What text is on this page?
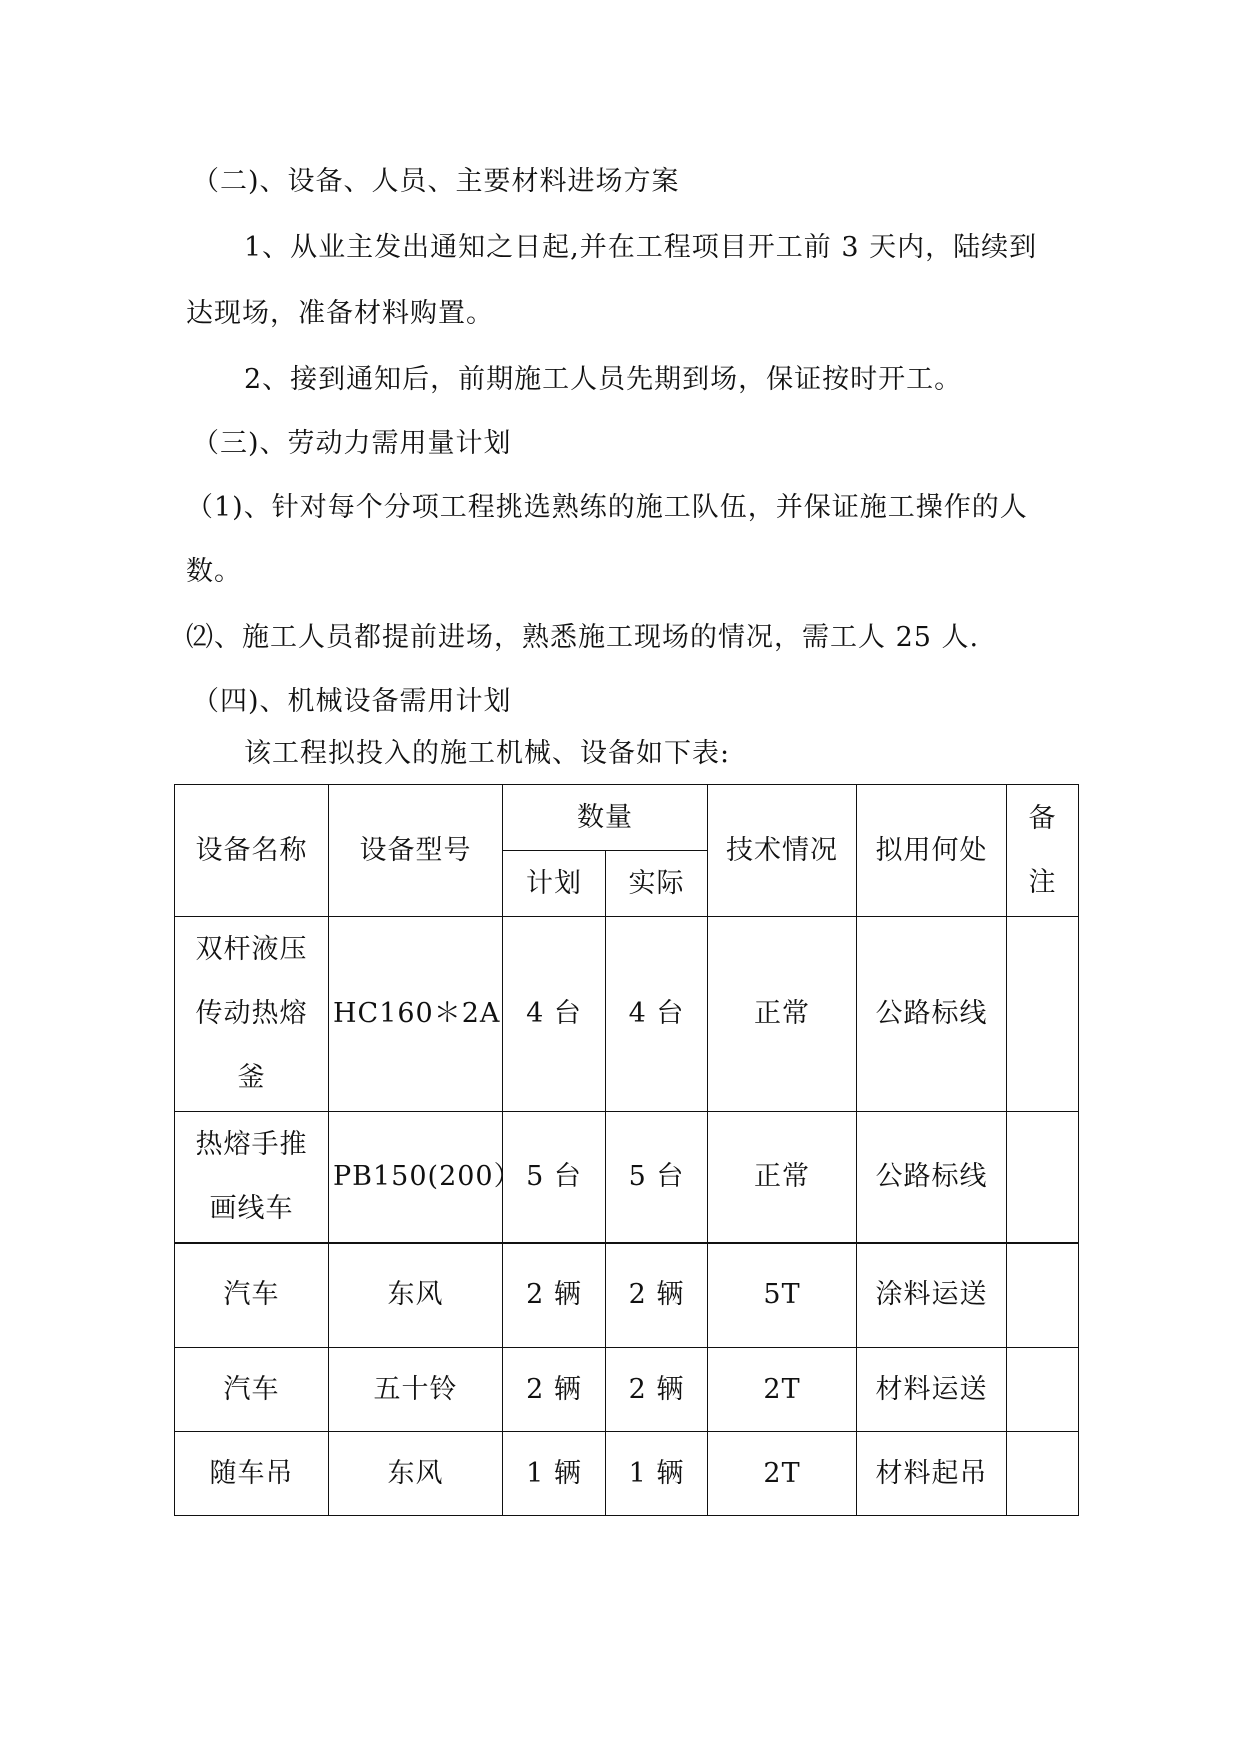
（二)、设备、人员、主要材料进场方案
1、从业主发出通知之日起,并在工程项目开工前 3 天内，陆续到
达现场，准备材料购置。
2、接到通知后，前期施工人员先期到场，保证按时开工。
（三)、劳动力需用量计划
（1)、针对每个分项工程挑选熟练的施工队伍，并保证施工操作的人
数。
⑵、施工人员都提前进场，熟悉施工现场的情况，需工人 25 人.
（四)、机械设备需用计划
该工程拟投入的施工机械、设备如下表:
设备名称	设备型号	数量		技术情况	拟用何处	备注
		计划	实际			
双杆液压传动热熔釜	HC160＊2A	4 台	4 台	正常	公路标线	
热熔手推画线车	PB150(200）	5 台	5 台	正常	公路标线	
汽车	东风	2 辆	2 辆	5T	涂料运送	
汽车	五十铃	2 辆	2 辆	2T	材料运送	
随车吊	东风	1 辆	1 辆	2T	材料起吊	
